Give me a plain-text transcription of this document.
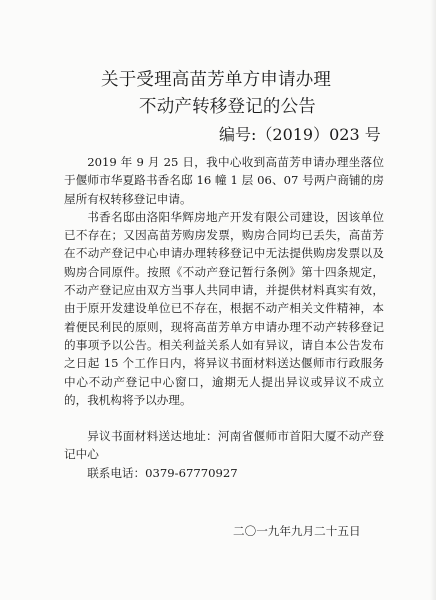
关于受理高苗芳单方申请办理
不动产转移登记的公告
编号:（2019）023 号

2019 年 9 月 25 日，我中心收到高苗芳申请办理坐落位于偃师市华夏路书香名邸 16 幢 1 层 06、07 号两户商铺的房屋所有权转移登记申请。

书香名邸由洛阳华辉房地产开发有限公司建设，因该单位已不存在；又因高苗芳购房发票，购房合同均已丢失，高苗芳在不动产登记中心申请办理转移登记中无法提供购房发票以及购房合同原件。按照《不动产登记暂行条例》第十四条规定，不动产登记应由双方当事人共同申请，并提供材料真实有效，由于原开发建设单位已不存在，根据不动产相关文件精神，本着便民利民的原则，现将高苗芳单方申请办理不动产转移登记的事项予以公告。相关利益关系人如有异议，请自本公告发布之日起 15 个工作日内，将异议书面材料送达偃师市行政服务中心不动产登记中心窗口，逾期无人提出异议或异议不成立的，我机构将予以办理。

异议书面材料送达地址：河南省偃师市首阳大厦不动产登记中心

联系电话：0379-67770927

二〇一九年九月二十五日
